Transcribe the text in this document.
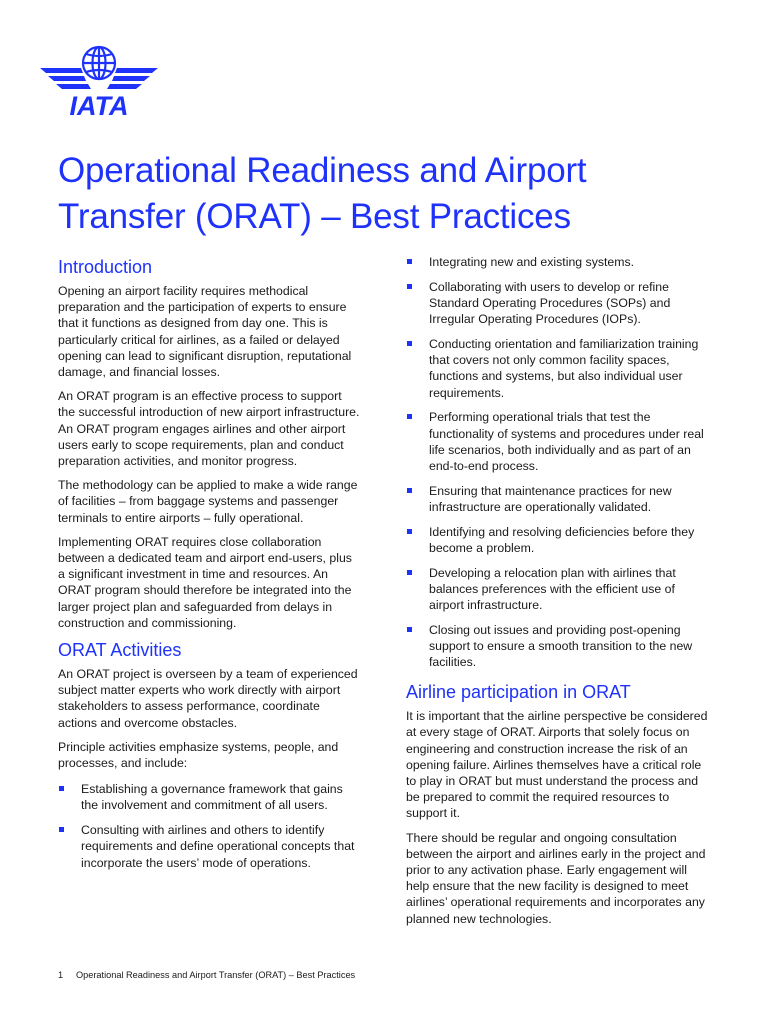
IATA
Operational Readiness and Airport
Transfer (ORAT) – Best Practices
Introduction

Opening an airport facility requires methodical preparation and the participation of experts to ensure that it functions as designed from day one. This is particularly critical for airlines, as a failed or delayed opening can lead to significant disruption, reputational damage, and financial losses.

An ORAT program is an effective process to support the successful introduction of new airport infrastructure. An ORAT program engages airlines and other airport users early to scope requirements, plan and conduct preparation activities, and monitor progress.

The methodology can be applied to make a wide range of facilities – from baggage systems and passenger terminals to entire airports – fully operational.

Implementing ORAT requires close collaboration between a dedicated team and airport end-users, plus a significant investment in time and resources. An ORAT program should therefore be integrated into the larger project plan and safeguarded from delays in construction and commissioning.

ORAT Activities

An ORAT project is overseen by a team of experienced subject matter experts who work directly with airport stakeholders to assess performance, coordinate actions and overcome obstacles.

Principle activities emphasize systems, people, and processes, and include:

Establishing a governance framework that gains the involvement and commitment of all users.
Consulting with airlines and others to identify requirements and define operational concepts that incorporate the users’ mode of operations.
Integrating new and existing systems.
Collaborating with users to develop or refine Standard Operating Procedures (SOPs) and Irregular Operating Procedures (IOPs).
Conducting orientation and familiarization training that covers not only common facility spaces, functions and systems, but also individual user requirements.
Performing operational trials that test the functionality of systems and procedures under real life scenarios, both individually and as part of an end-to-end process.
Ensuring that maintenance practices for new infrastructure are operationally validated.
Identifying and resolving deficiencies before they become a problem.
Developing a relocation plan with airlines that balances preferences with the efficient use of airport infrastructure.
Closing out issues and providing post-opening support to ensure a smooth transition to the new facilities.
Airline participation in ORAT

It is important that the airline perspective be considered at every stage of ORAT. Airports that solely focus on engineering and construction increase the risk of an opening failure. Airlines themselves have a critical role to play in ORAT but must understand the process and be prepared to commit the required resources to support it.

There should be regular and ongoing consultation between the airport and airlines early in the project and prior to any activation phase. Early engagement will help ensure that the new facility is designed to meet airlines’ operational requirements and incorporates any planned new technologies.

1 Operational Readiness and Airport Transfer (ORAT) – Best Practices
